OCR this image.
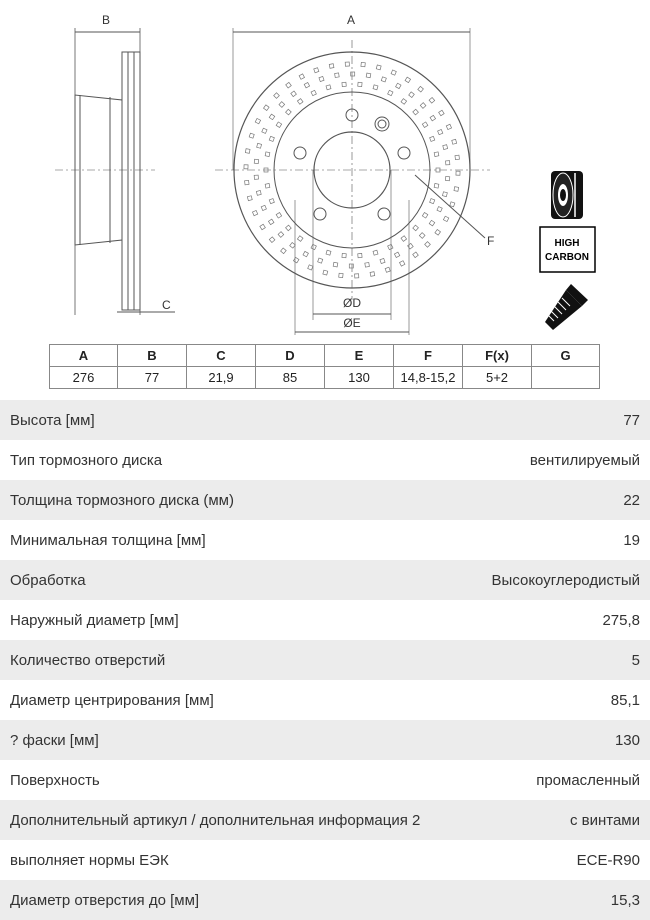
B	A
C	ØD
ØE
F	HIGH
CARBON
A	B	C	D	E	F	F(x)	G
276	77	21,9	85	130	14,8-15,2	5+2	
Высота [мм]	77
Тип тормозного диска	вентилируемый
Толщина тормозного диска (мм)	22
Минимальная толщина [мм]	19
Обработка	Высокоуглеродистый
Наружный диаметр [мм]	275,8
Количество отверстий	5
Диаметр центрирования [мм]	85,1
? фаски [мм]	130
Поверхность	промасленный
Дополнительный артикул / дополнительная информация 2	с винтами
выполняет нормы ЕЭК	ECE-R90
Диаметр отверстия до [мм]	15,3
